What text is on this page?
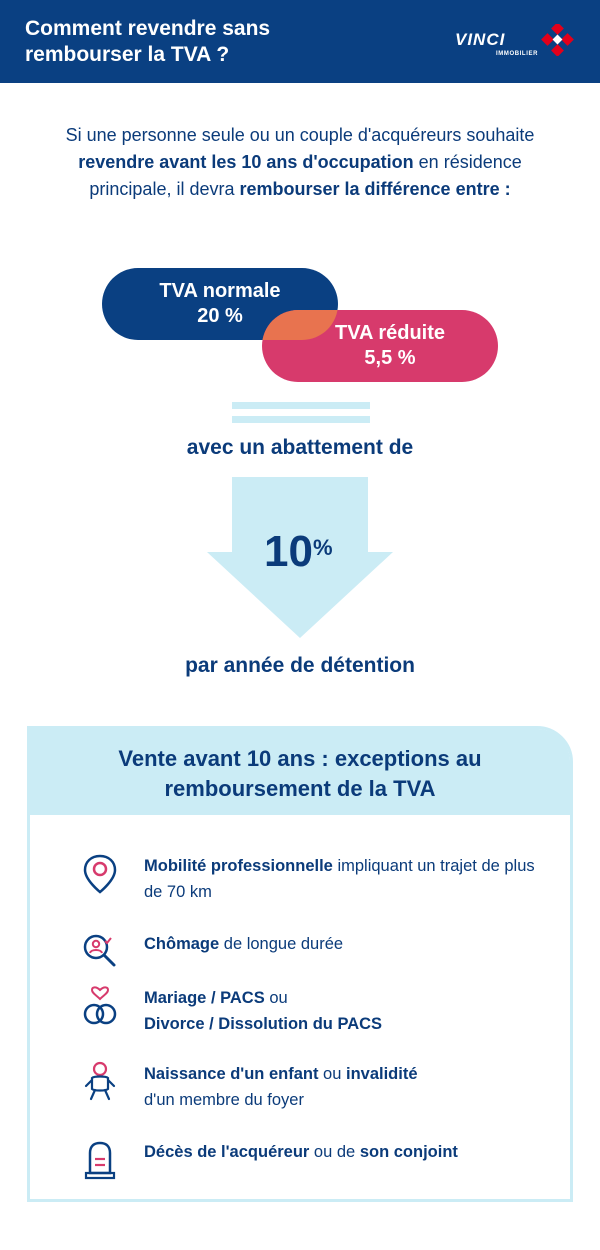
Comment revendre sans rembourser la TVA ?
VINCI
IMMOBILIER
Si une personne seule ou un couple d'acquéreurs souhaite revendre avant les 10 ans d'occupation en résidence principale, il devra rembourser la différence entre :
TVA normale
20 %
TVA réduite
5,5 %
avec un abattement de
10%
par année de détention
Vente avant 10 ans : exceptions au
remboursement de la TVA
Mobilité professionnelle impliquant un trajet de plus de 70 km
Chômage de longue durée
Mariage / PACS ou
Divorce / Dissolution du PACS
Naissance d'un enfant ou invalidité
d'un membre du foyer
Décès de l'acquéreur ou de son conjoint
